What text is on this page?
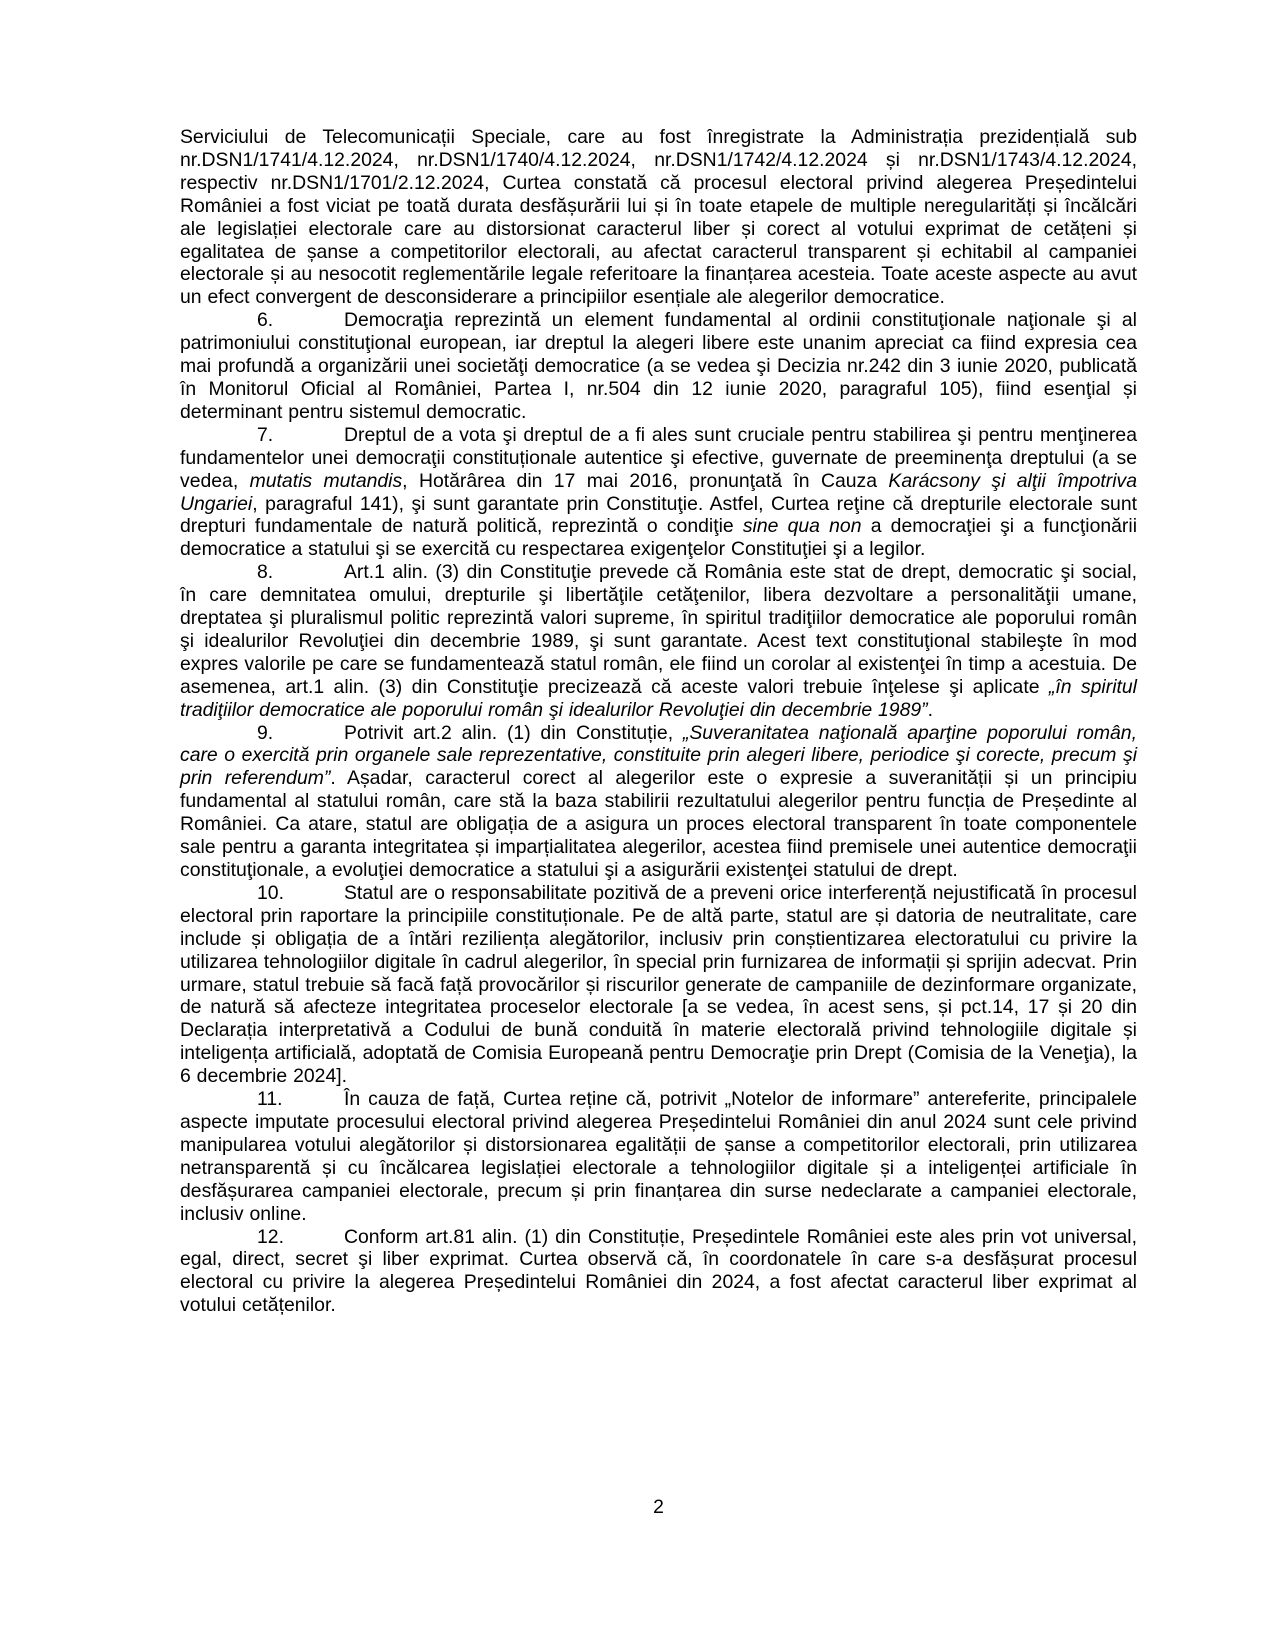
Serviciului de Telecomunicații Speciale, care au fost înregistrate la Administrația prezidențială sub nr.DSN1/1741/4.12.2024, nr.DSN1/1740/4.12.2024, nr.DSN1/1742/4.12.2024 și nr.DSN1/1743/4.12.2024, respectiv nr.DSN1/1701/2.12.2024, Curtea constată că procesul electoral privind alegerea Președintelui României a fost viciat pe toată durata desfășurării lui și în toate etapele de multiple neregularități și încălcări ale legislației electorale care au distorsionat caracterul liber și corect al votului exprimat de cetățeni și egalitatea de șanse a competitorilor electorali, au afectat caracterul transparent și echitabil al campaniei electorale și au nesocotit reglementările legale referitoare la finanțarea acesteia. Toate aceste aspecte au avut un efect convergent de desconsiderare a principiilor esențiale ale alegerilor democratice.

6.	Democraţia reprezintă un element fundamental al ordinii constituţionale naţionale şi al patrimoniului constituţional european, iar dreptul la alegeri libere este unanim apreciat ca fiind expresia cea mai profundă a organizării unei societăţi democratice (a se vedea şi Decizia nr.242 din 3 iunie 2020, publicată în Monitorul Oficial al României, Partea I, nr.504 din 12 iunie 2020, paragraful 105), fiind esenţial și determinant pentru sistemul democratic.

7.	Dreptul de a vota şi dreptul de a fi ales sunt cruciale pentru stabilirea şi pentru menţinerea fundamentelor unei democraţii constituționale autentice şi efective, guvernate de preeminenţa dreptului (a se vedea, mutatis mutandis, Hotărârea din 17 mai 2016, pronunţată în Cauza Karácsony şi alţii împotriva Ungariei, paragraful 141), şi sunt garantate prin Constituţie. Astfel, Curtea reţine că drepturile electorale sunt drepturi fundamentale de natură politică, reprezintă o condiţie sine qua non a democraţiei şi a funcţionării democratice a statului şi se exercită cu respectarea exigenţelor Constituţiei şi a legilor.

8.	Art.1 alin. (3) din Constituţie prevede că România este stat de drept, democratic şi social, în care demnitatea omului, drepturile şi libertăţile cetăţenilor, libera dezvoltare a personalităţii umane, dreptatea şi pluralismul politic reprezintă valori supreme, în spiritul tradiţiilor democratice ale poporului român şi idealurilor Revoluţiei din decembrie 1989, şi sunt garantate. Acest text constituţional stabileşte în mod expres valorile pe care se fundamentează statul român, ele fiind un corolar al existenţei în timp a acestuia. De asemenea, art.1 alin. (3) din Constituţie precizează că aceste valori trebuie înţelese şi aplicate „în spiritul tradiţiilor democratice ale poporului român şi idealurilor Revoluţiei din decembrie 1989”.

9.	Potrivit art.2 alin. (1) din Constituție, „Suveranitatea naţională aparţine poporului român, care o exercită prin organele sale reprezentative, constituite prin alegeri libere, periodice şi corecte, precum şi prin referendum”. Așadar, caracterul corect al alegerilor este o expresie a suveranității și un principiu fundamental al statului român, care stă la baza stabilirii rezultatului alegerilor pentru funcția de Președinte al României. Ca atare, statul are obligația de a asigura un proces electoral transparent în toate componentele sale pentru a garanta integritatea și imparțialitatea alegerilor, acestea fiind premisele unei autentice democraţii constituţionale, a evoluţiei democratice a statului şi a asigurării existenţei statului de drept.

10.	Statul are o responsabilitate pozitivă de a preveni orice interferență nejustificată în procesul electoral prin raportare la principiile constituționale. Pe de altă parte, statul are și datoria de neutralitate, care include și obligația de a întări reziliența alegătorilor, inclusiv prin conștientizarea electoratului cu privire la utilizarea tehnologiilor digitale în cadrul alegerilor, în special prin furnizarea de informații și sprijin adecvat. Prin urmare, statul trebuie să facă față provocărilor și riscurilor generate de campaniile de dezinformare organizate, de natură să afecteze integritatea proceselor electorale [a se vedea, în acest sens, și pct.14, 17 și 20 din Declarația interpretativă a Codului de bună conduită în materie electorală privind tehnologiile digitale și inteligența artificială, adoptată de Comisia Europeană pentru Democraţie prin Drept (Comisia de la Veneţia), la 6 decembrie 2024].

11.	În cauza de față, Curtea reține că, potrivit „Notelor de informare” antereferite, principalele aspecte imputate procesului electoral privind alegerea Președintelui României din anul 2024 sunt cele privind manipularea votului alegătorilor și distorsionarea egalității de șanse a competitorilor electorali, prin utilizarea netransparentă și cu încălcarea legislației electorale a tehnologiilor digitale și a inteligenței artificiale în desfășurarea campaniei electorale, precum și prin finanțarea din surse nedeclarate a campaniei electorale, inclusiv online.

12.	Conform art.81 alin. (1) din Constituție, Președintele României este ales prin vot universal, egal, direct, secret şi liber exprimat. Curtea observă că, în coordonatele în care s-a desfășurat procesul electoral cu privire la alegerea Președintelui României din 2024, a fost afectat caracterul liber exprimat al votului cetățenilor.

2
